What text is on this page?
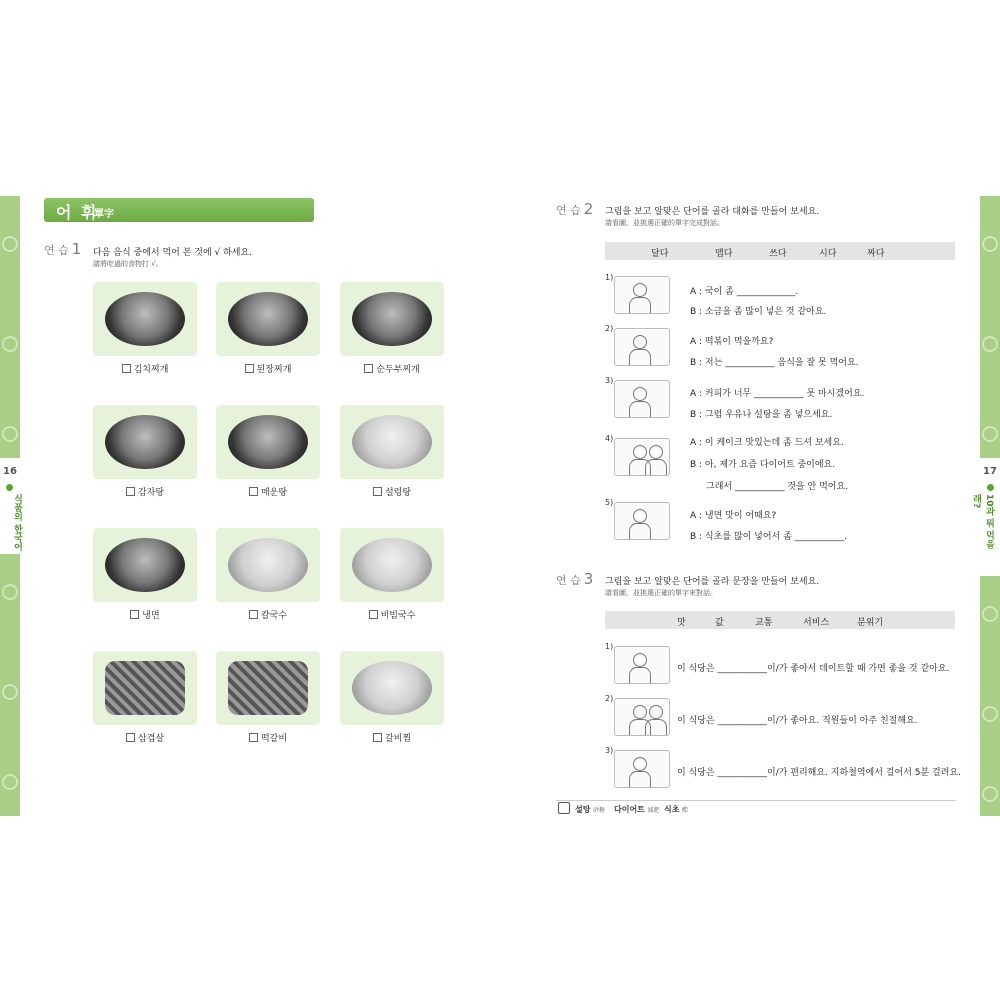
16
식품의 한국어
17
10과 뭐 먹을래?
어 휘
單字
연 습 1 다음 음식 중에서 먹어 본 것에 √ 하세요.
請將吃過的食物打 √。
김치찌개	된장찌개	순두부찌개
감자탕	매운탕	설렁탕
냉면	칼국수	비빔국수
삼겹살	떡갈비	갈비찜
연 습 2 그림을 보고 알맞은 단어를 골라 대화를 만들어 보세요.
請看圖，並挑選正確的單字完成對話。
달다	맵다	쓰다	시다	짜다
1)
A : 국이 좀 _____________.
B : 소금을 좀 많이 넣은 것 같아요.
2)
A : 떡볶이 먹을까요?
B : 저는 ___________ 음식을 잘 못 먹어요.
3)
A : 커피가 너무 ___________ 못 마시겠어요.
B : 그럼 우유나 설탕을 좀 넣으세요.
4)	A : 이 케이크 맛있는데 좀 드셔 보세요.
B : 아, 제가 요즘 다이어트 중이에요.
그래서 ___________ 것을 안 먹어요.
5)
A : 냉면 맛이 어때요?
B : 식초를 많이 넣어서 좀 ___________.
연 습 3 그림을 보고 알맞은 단어를 골라 문장을 만들어 보세요.
請看圖，並挑選正確的單字來對話。
맛	값	교통	서비스	분위기
1)
이 식당은 ___________이/가 좋아서 데이트할 때 가면 좋을 것 같아요.
2)
이 식당은 ___________이/가 좋아요. 직원들이 아주 친절해요.
3)
이 식당은 ___________이/가 편리해요. 지하철역에서 걸어서 5분 걸려요.
설탕 砂糖 다이어트 減肥 식초 醋
